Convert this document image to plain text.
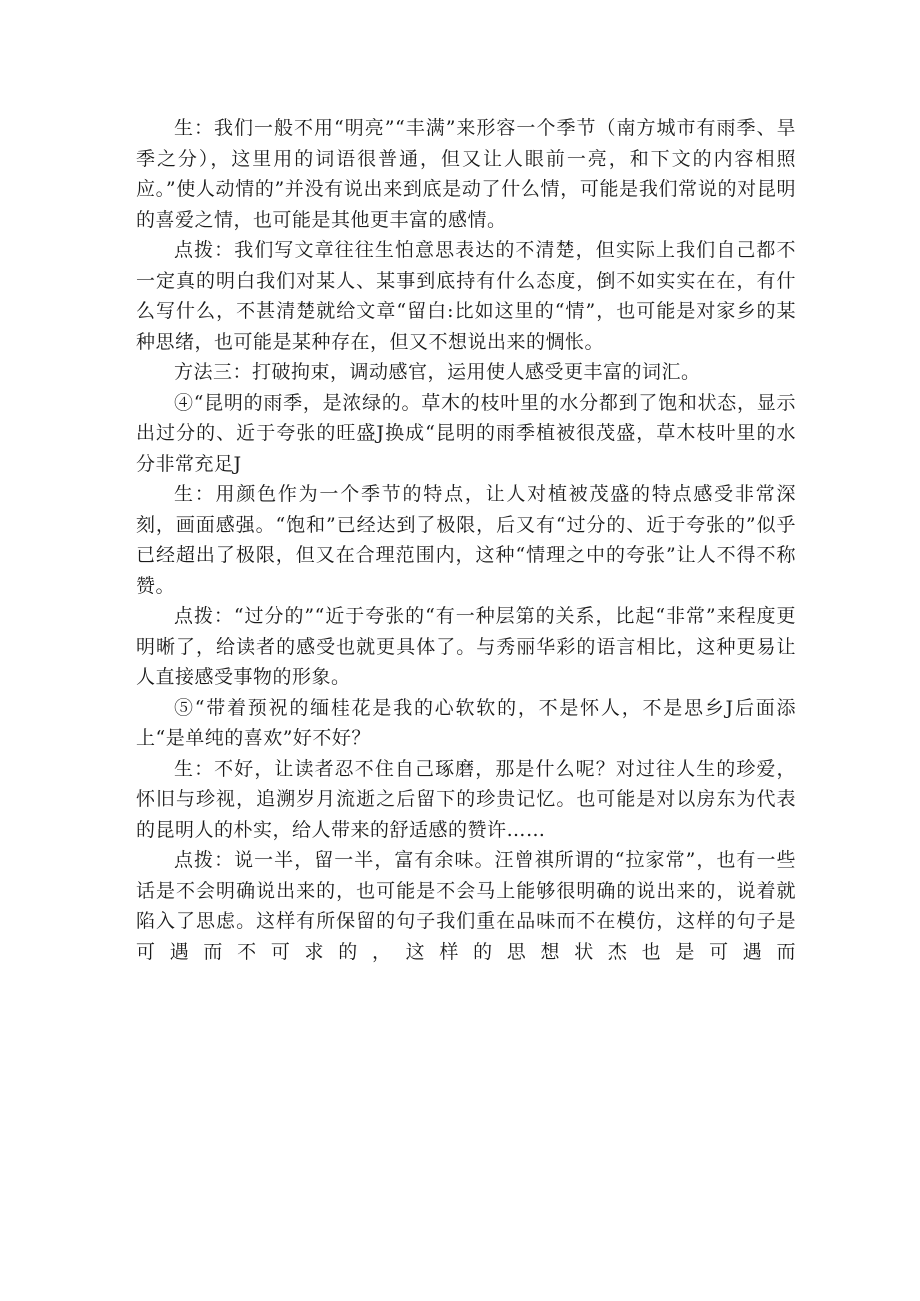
生：我们一般不用“明亮”“丰满”来形容一个季节（南方城市有雨季、旱季之分），这里用的词语很普通，但又让人眼前一亮，和下文的内容相照应。”使人动情的”并没有说出来到底是动了什么情，可能是我们常说的对昆明的喜爱之情，也可能是其他更丰富的感情。

点拨：我们写文章往往生怕意思表达的不清楚，但实际上我们自己都不一定真的明白我们对某人、某事到底持有什么态度，倒不如实实在在，有什么写什么，不甚清楚就给文章“留白:比如这里的“情”，也可能是对家乡的某种思绪，也可能是某种存在，但又不想说出来的惆怅。

方法三：打破拘束，调动感官，运用使人感受更丰富的词汇。

④“昆明的雨季，是浓绿的。草木的枝叶里的水分都到了饱和状态，显示出过分的、近于夸张的旺盛J换成“昆明的雨季植被很茂盛，草木枝叶里的水分非常充足J

生：用颜色作为一个季节的特点，让人对植被茂盛的特点感受非常深刻，画面感强。“饱和”已经达到了极限，后又有“过分的、近于夸张的”似乎已经超出了极限，但又在合理范围内，这种“情理之中的夸张”让人不得不称赞。

点拨：“过分的”“近于夸张的“有一种层第的关系，比起“非常”来程度更明晰了，给读者的感受也就更具体了。与秀丽华彩的语言相比，这种更易让人直接感受事物的形象。

⑤“带着预祝的缅桂花是我的心软软的，不是怀人，不是思乡J后面添上“是单纯的喜欢”好不好？

生：不好，让读者忍不住自己琢磨，那是什么呢？对过往人生的珍爱，怀旧与珍视，追溯岁月流逝之后留下的珍贵记忆。也可能是对以房东为代表的昆明人的朴实，给人带来的舒适感的赞许……

点拨：说一半，留一半，富有余味。汪曾祺所谓的“拉家常”，也有一些话是不会明确说出来的，也可能是不会马上能够很明确的说出来的，说着就陷入了思虑。这样有所保留的句子我们重在品味而不在模仿，这样的句子是可遇而不可求的，这样的思想状杰也是可遇而
